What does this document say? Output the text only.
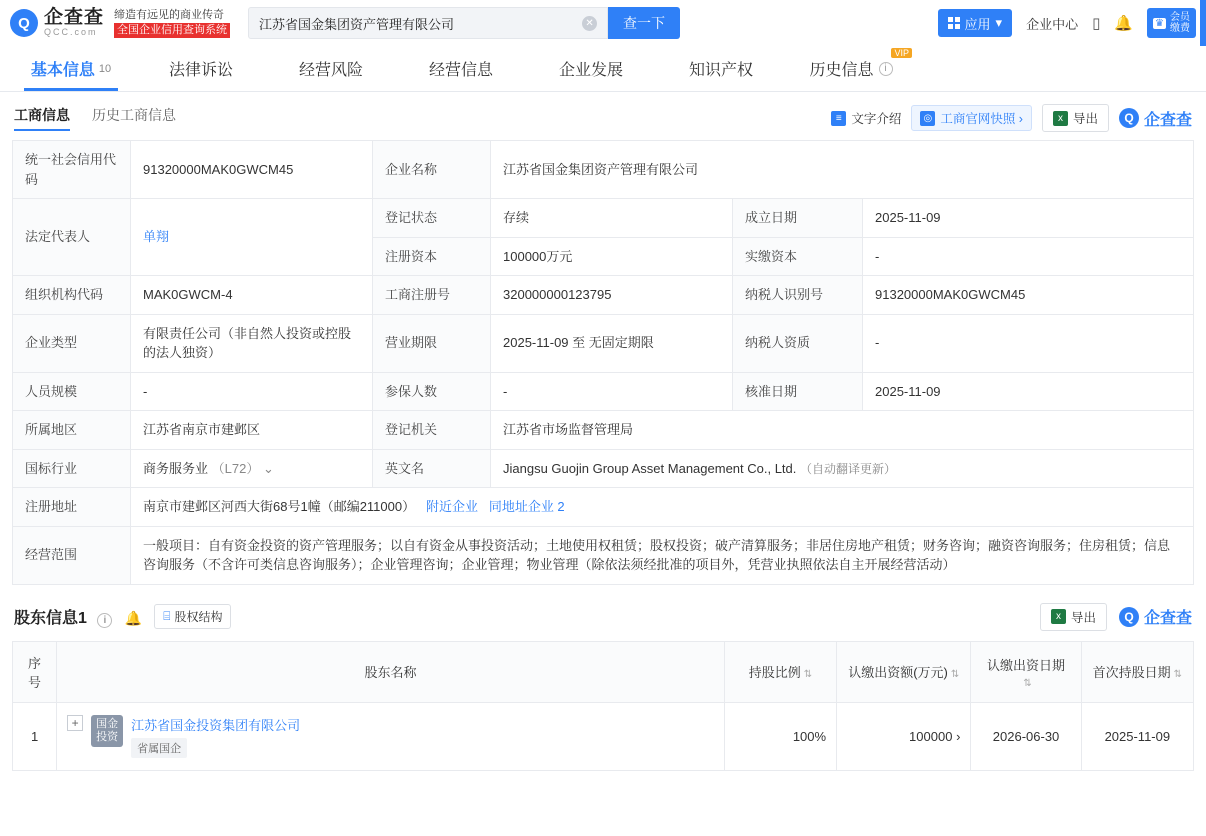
Q 企查查
QCC.com
缔造有远见的商业传奇
全国企业信用查询系统 江苏省国金集团资产管理有限公司	✕	查一下	应用 ▾ 企业中心 ▯ 🔔 ♛ 会员
缴费
基本信息 10	法律诉讼	经营风险	经营信息	企业发展	知识产权
VIP
历史信息	i
工商信息 历史工商信息	≡ 文字介绍	◎ 工商官网快照 ›	x 导出	Q 企查查
统一社会信用代码	91320000MAK0GWCM45	企业名称	江苏省国金集团资产管理有限公司		
法定代表人	单翔	登记状态	存续	成立日期	2025-11-09
		注册资本	100000万元	实缴资本	-
组织机构代码	MAK0GWCM-4	工商注册号	320000000123795	纳税人识别号	91320000MAK0GWCM45
企业类型	有限责任公司（非自然人投资或控股的法人独资）	营业期限	2025-11-09 至 无固定期限	纳税人资质	-
人员规模	-	参保人数	-	核准日期	2025-11-09
所属地区	江苏省南京市建邺区	登记机关	江苏省市场监督管理局		
国标行业	商务服务业 （L72） ⌄	英文名	Jiangsu Guojin Group Asset Management Co., Ltd. （自动翻译更新）		
注册地址	南京市建邺区河西大街68号1幢（邮编211000） 附近企业 同地址企业 2				
经营范围	一般项目：自有资金投资的资产管理服务；以自有资金从事投资活动；土地使用权租赁；股权投资；破产清算服务；非居住房地产租赁；财务咨询；融资咨询服务；住房租赁；信息咨询服务（不含许可类信息咨询服务）；企业管理咨询；企业管理；物业管理（除依法须经批准的项目外，凭营业执照依法自主开展经营活动）				
股东信息1 i 🔔 ⌸ 股权结构	x 导出	Q 企查查
序号	股东名称	持股比例 ⇅	认缴出资额(万元) ⇅	认缴出资日期⇅	首次持股日期 ⇅
1	+ 国金投资
江苏省国金投资集团有限公司
省属国企	100%	100000 ›	2026-06-30	2025-11-09
